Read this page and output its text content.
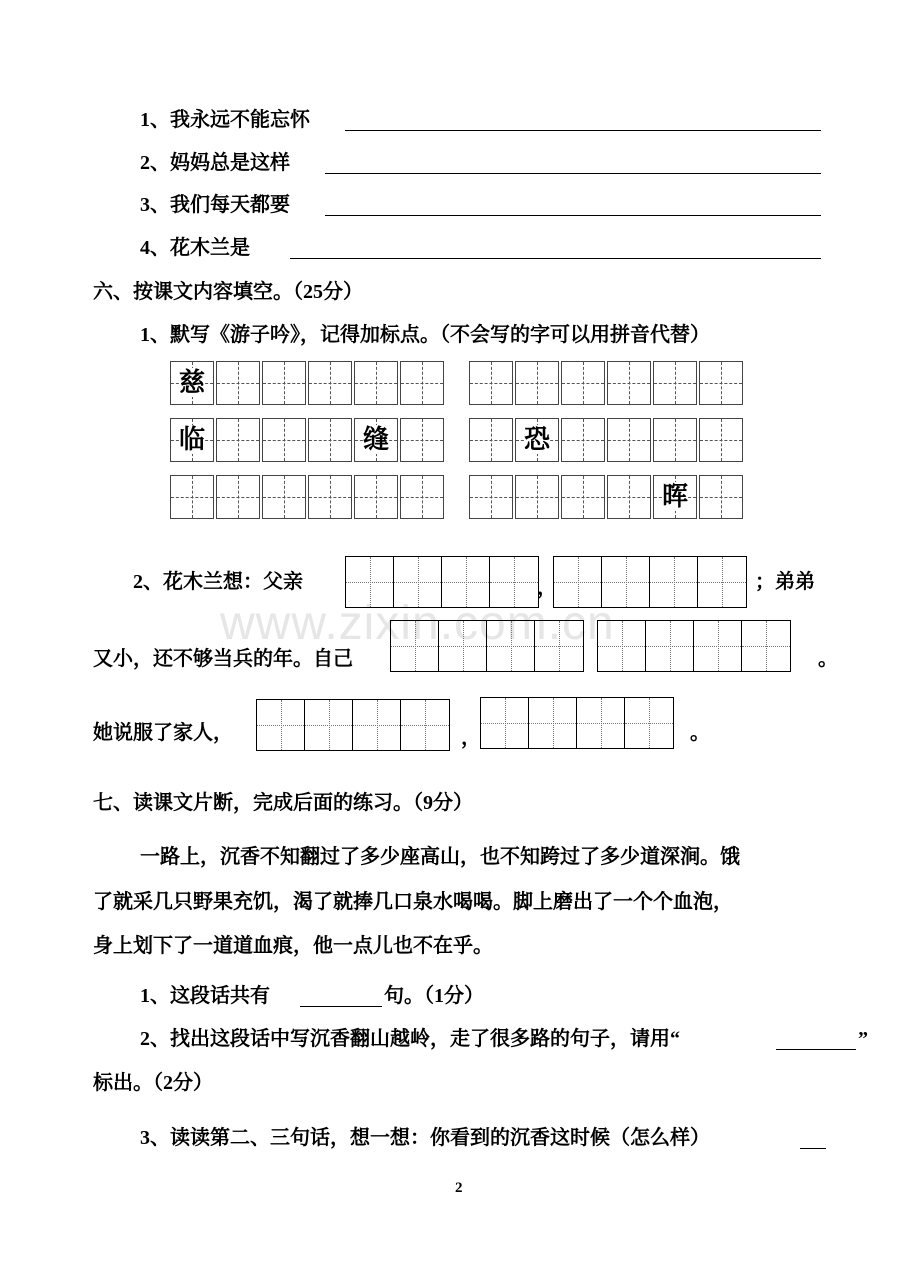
www.zixin.com.cn
1、我永远不能忘怀
2、妈妈总是这样
3、我们每天都要
4、花木兰是
六、按课文内容填空。（25分）
1、默写《游子吟》，记得加标点。（不会写的字可以用拼音代替）
慈
临	缝	恐
晖
2、花木兰想：父亲	，	；弟弟
又小，还不够当兵的年。自己	。
她说服了家人，	，	。
七、读课文片断，完成后面的练习。（9分）
一路上，沉香不知翻过了多少座高山，也不知跨过了多少道深涧。饿
了就采几只野果充饥，渴了就捧几口泉水喝喝。脚上磨出了一个个血泡，
身上划下了一道道血痕，他一点儿也不在乎。
1、这段话共有	句。（1分）
2、找出这段话中写沉香翻山越岭，走了很多路的句子，请用“	”
标出。（2分）
3、读读第二、三句话，想一想：你看到的沉香这时候（怎么样）
2
